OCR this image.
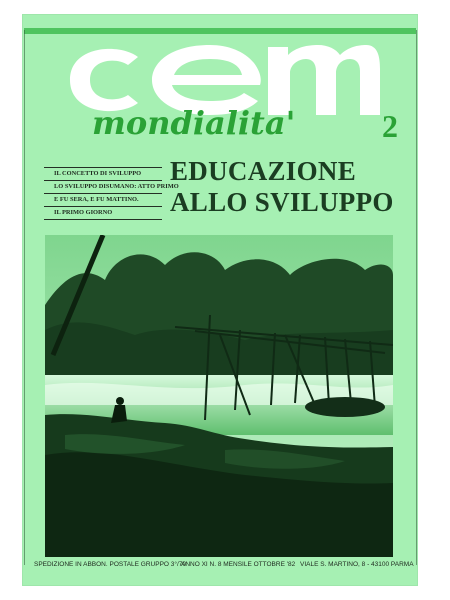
mondialita'	2
IL CONCETTO DI SVILUPPO
LO SVILUPPO DISUMANO: ATTO PRIMO
E FU SERA, E FU MATTINO.
IL PRIMO GIORNO
EDUCAZIONE
ALLO SVILUPPO
SPEDIZIONE IN ABBON. POSTALE GRUPPO 3°/70
ANNO XI N. 8 MENSILE OTTOBRE '82 VIALE S. MARTINO, 8 - 43100 PARMA
